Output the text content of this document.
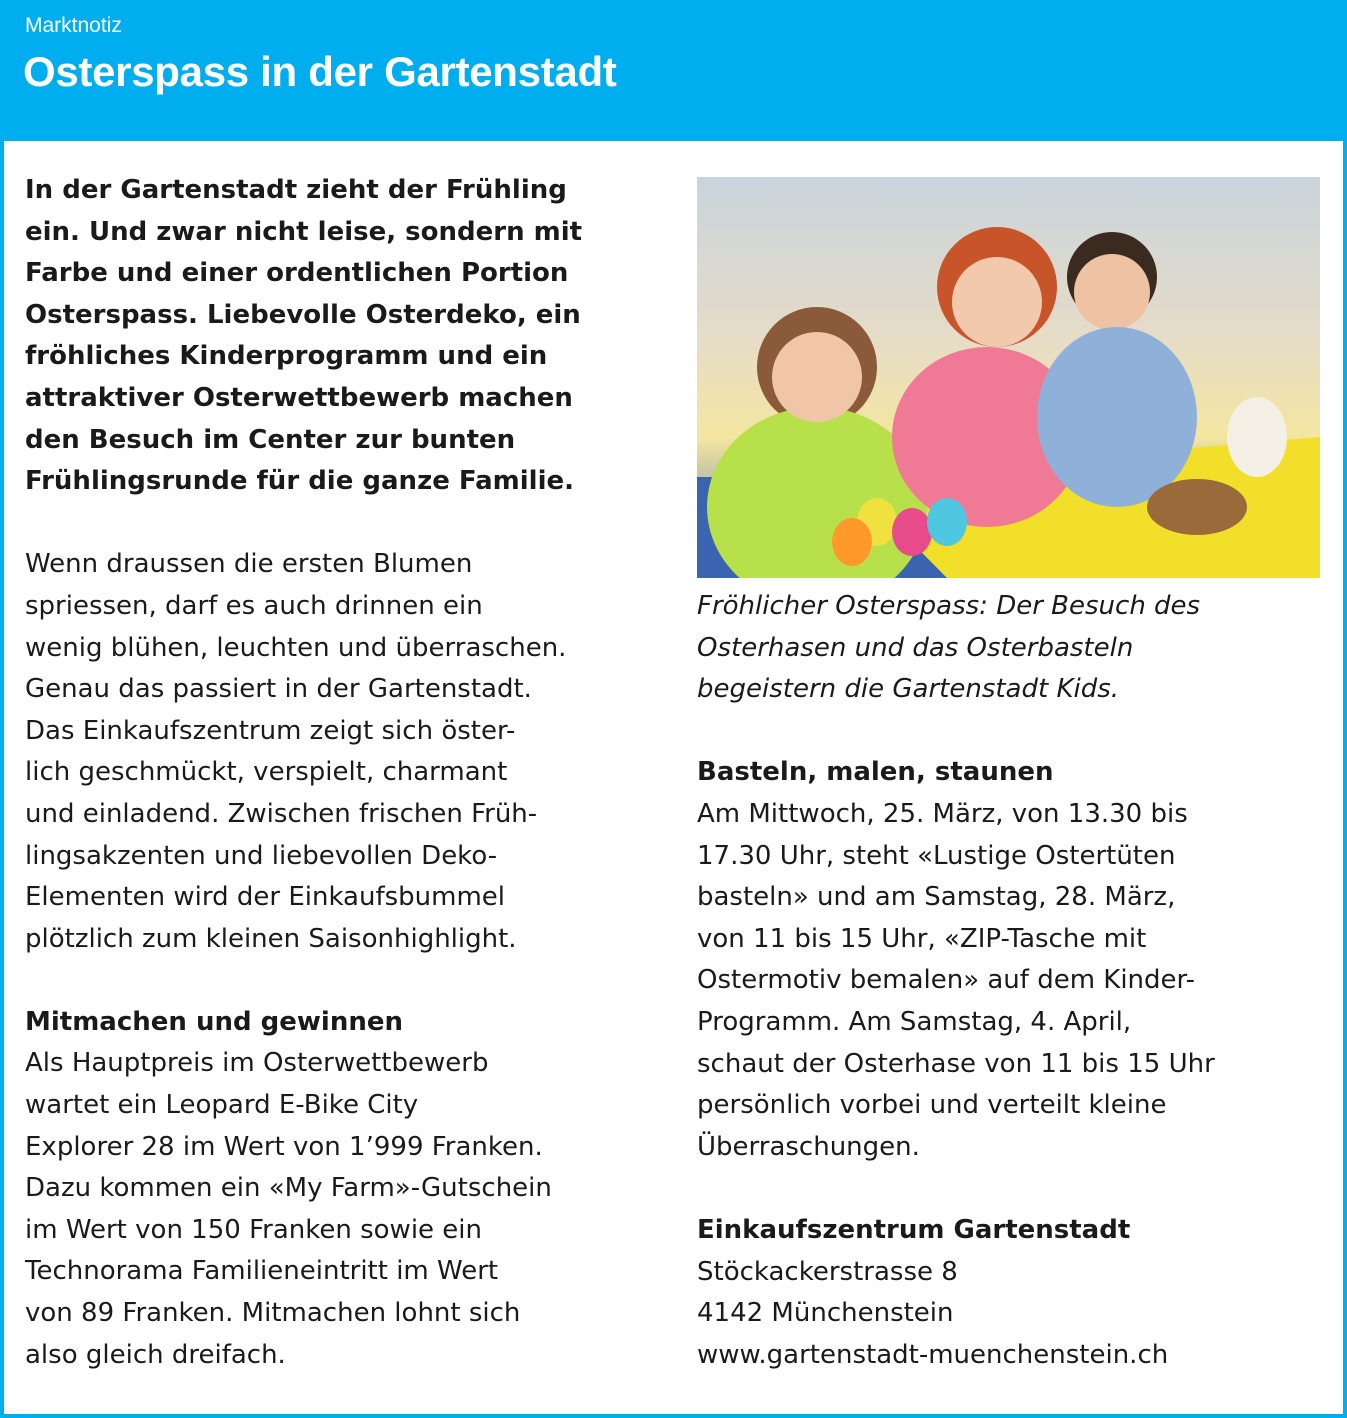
Marktnotiz
Osterspass in der Gartenstadt
In der Gartenstadt zieht der Frühling
ein. Und zwar nicht leise, sondern mit
Farbe und einer ordentlichen Portion
Osterspass. Liebevolle Osterdeko, ein
fröhliches Kinderprogramm und ein
attraktiver Osterwettbewerb machen
den Besuch im Center zur bunten
Frühlingsrunde für die ganze Familie.
Wenn draussen die ersten Blumen
spriessen, darf es auch drinnen ein
wenig blühen, leuchten und überraschen.
Genau das passiert in der Gartenstadt.
Das Einkaufszentrum zeigt sich öster-
lich geschmückt, verspielt, charmant
und einladend. Zwischen frischen Früh-
lingsakzenten und liebevollen Deko-
Elementen wird der Einkaufsbummel
plötzlich zum kleinen Saisonhighlight.
Mitmachen und gewinnen
Als Hauptpreis im Osterwettbewerb
wartet ein Leopard E-Bike City
Explorer 28 im Wert von 1’999 Franken.
Dazu kommen ein «My Farm»-Gutschein
im Wert von 150 Franken sowie ein
Technorama Familieneintritt im Wert
von 89 Franken. Mitmachen lohnt sich
also gleich dreifach.
Fröhlicher Osterspass: Der Besuch des
Osterhasen und das Osterbasteln
begeistern die Gartenstadt Kids.
Basteln, malen, staunen
Am Mittwoch, 25. März, von 13.30 bis
17.30 Uhr, steht «Lustige Ostertüten
basteln» und am Samstag, 28. März,
von 11 bis 15 Uhr, «ZIP-Tasche mit
Ostermotiv bemalen» auf dem Kinder-
Programm. Am Samstag, 4. April,
schaut der Osterhase von 11 bis 15 Uhr
persönlich vorbei und verteilt kleine
Überraschungen.
Einkaufszentrum Gartenstadt
Stöckackerstrasse 8
4142 Münchenstein
www.gartenstadt-muenchenstein.ch
